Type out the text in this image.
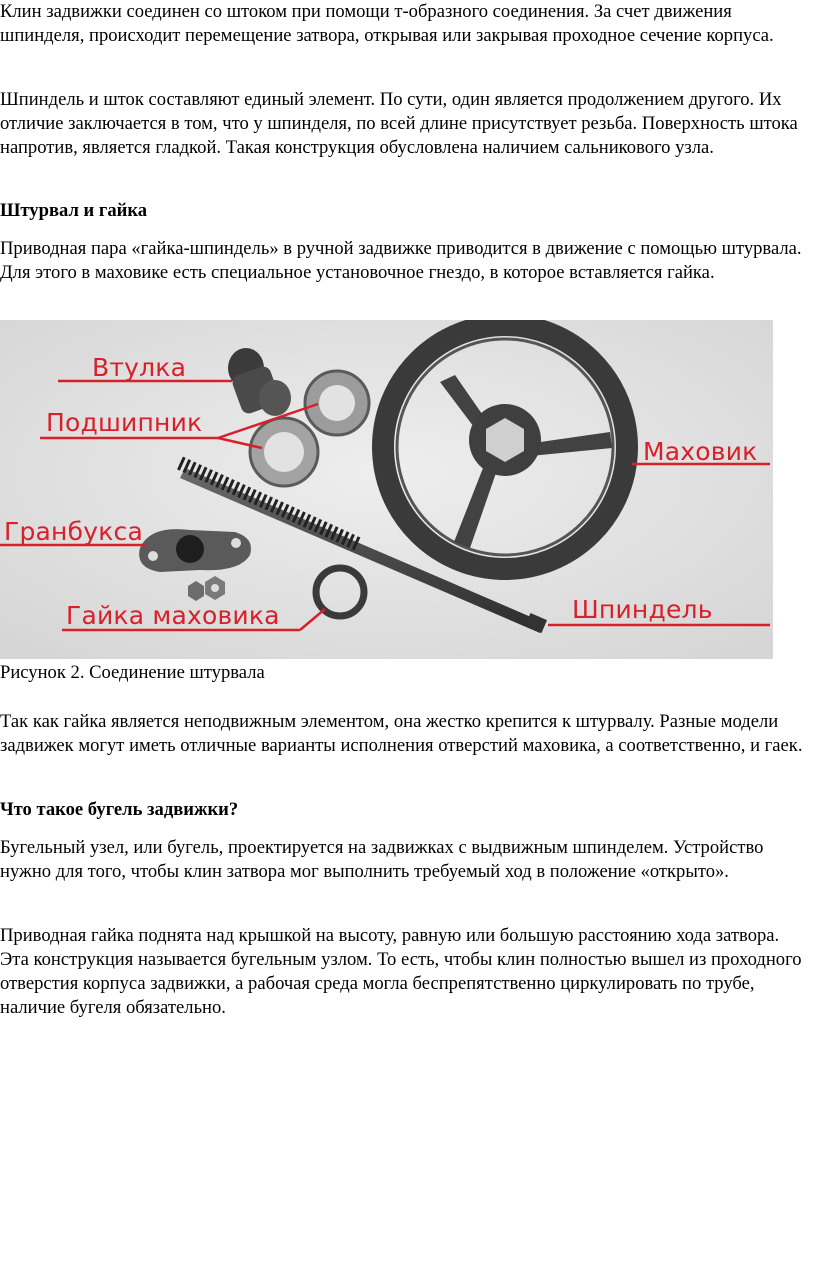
Клин задвижки соединен со штоком при помощи т-образного соединения. За счет движения шпинделя, происходит перемещение затвора, открывая или закрывая проходное сечение корпуса.

Шпиндель и шток составляют единый элемент. По сути, один является продолжением другого. Их отличие заключается в том, что у шпинделя, по всей длине присутствует резьба. Поверхность штока напротив, является гладкой. Такая конструкция обусловлена наличием сальникового узла.

Штурвал и гайка

Приводная пара «гайка-шпиндель» в ручной задвижке приводится в движение с помощью штурвала. Для этого в маховике есть специальное установочное гнездо, в которое вставляется гайка.

Втулка
Подшипник
Маховик
Гранбукса
Гайка маховика	Шпиндель

Рисунок 2. Соединение штурвала

Так как гайка является неподвижным элементом, она жестко крепится к штурвалу. Разные модели задвижек могут иметь отличные варианты исполнения отверстий маховика, а соответственно, и гаек.

Что такое бугель задвижки?

Бугельный узел, или бугель, проектируется на задвижках с выдвижным шпинделем. Устройство нужно для того, чтобы клин затвора мог выполнить требуемый ход в положение «открыто».

Приводная гайка поднята над крышкой на высоту, равную или большую расстоянию хода затвора. Эта конструкция называется бугельным узлом. То есть, чтобы клин полностью вышел из проходного отверстия корпуса задвижки, а рабочая среда могла беспрепятственно циркулировать по трубе, наличие бугеля обязательно.
